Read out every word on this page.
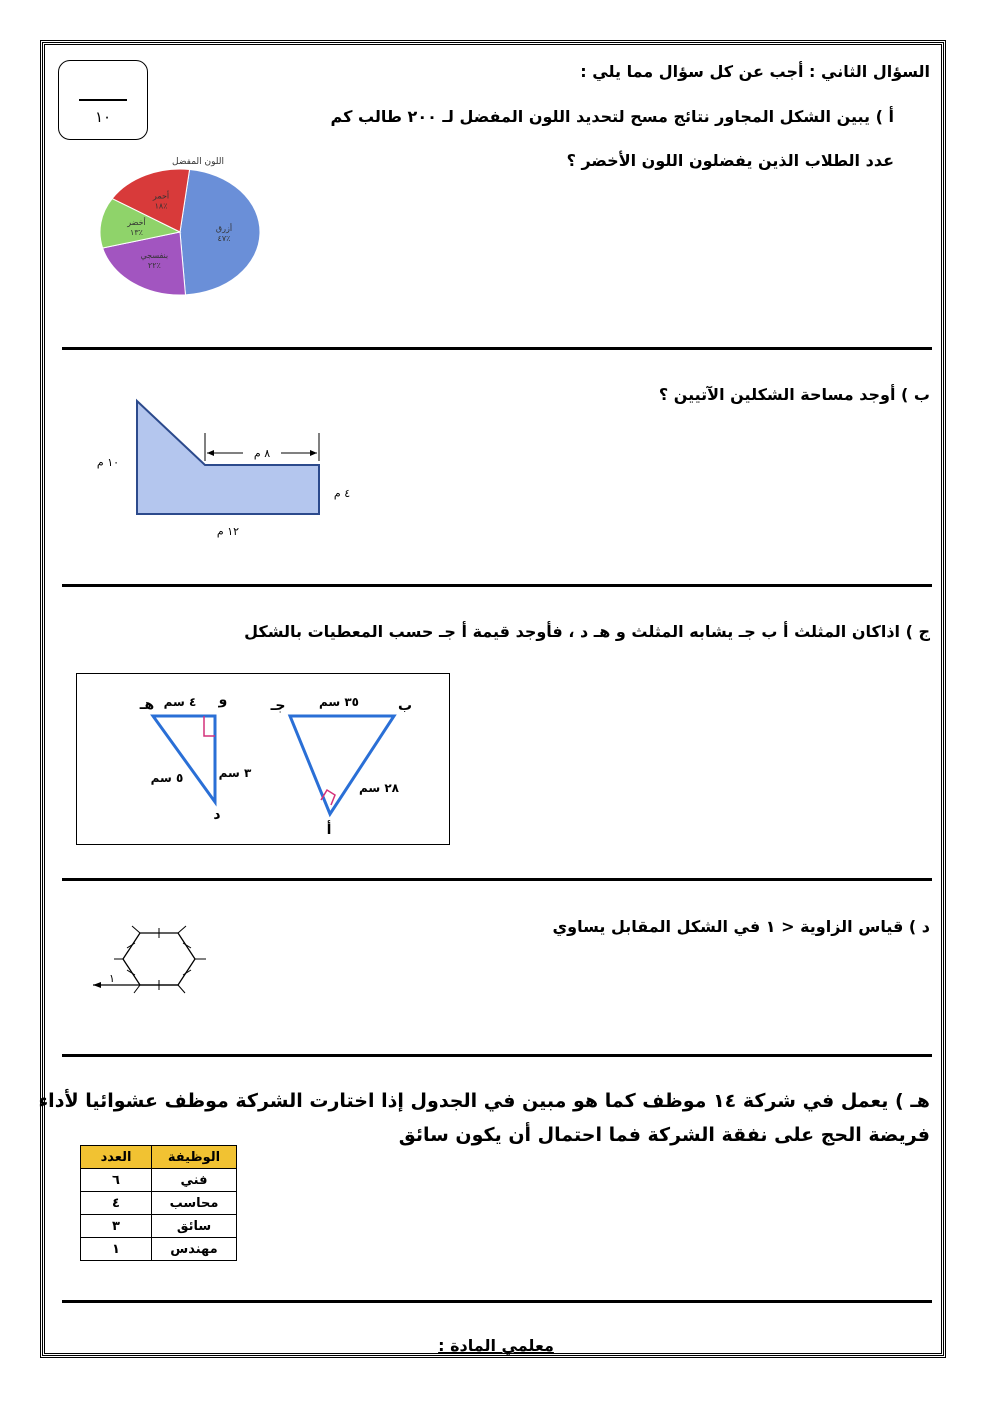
١٠
السؤال الثاني : أجب عن كل سؤال مما يلي :
أ ) يبين الشكل المجاور نتائج مسح لتحديد اللون المفضل لـ ٢٠٠ طالب كم
عدد الطلاب الذين يفضلون اللون الأخضر ؟
اللون المفضل
أزرق ٤٧٪
بنفسجي ٢٢٪
أخضر ١٣٪
أحمر ١٨٪
ب ) أوجد مساحة الشكلين الآتيين ؟
٨ م
١٠ م
٤ م
١٢ م
ج ) اذاكان المثلث أ ب جـ يشابه المثلث و هـ د ، فأوجد قيمة أ جـ حسب المعطيات بالشكل
هـ	و
د
٤ سم
٣ سم
٥ سم
جـ	ب
أ
٣٥ سم
٢٨ سم
د ) قياس الزاوية < ١ في الشكل المقابل يساوي
١
هـ ) يعمل في شركة ١٤ موظف كما هو مبين في الجدول إذا اختارت الشركة موظف عشوائيا لأداء
فريضة الحج على نفقة الشركة فما احتمال أن يكون سائق
الوظيفة	العدد
فني	٦
محاسب	٤
سائق	٣
مهندس	١
معلمي المادة :
